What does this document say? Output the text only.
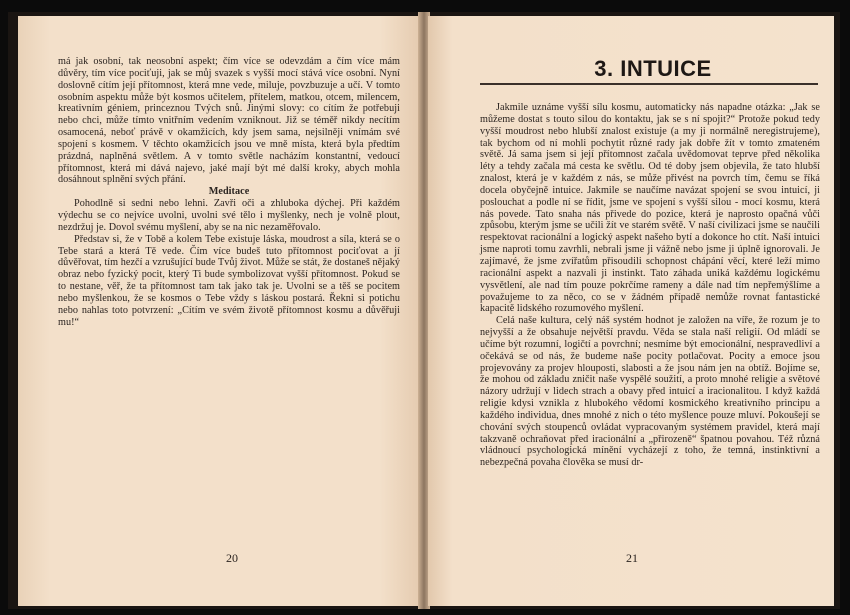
má jak osobní, tak neosobní aspekt; čím více se odevzdám a čím více mám důvěry, tím více pociťuji, jak se můj svazek s vyšší mocí stává více osobní. Nyní doslovně cítím její přítomnost, která mne vede, miluje, povzbuzuje a učí. V tomto osobním aspektu může být kosmos učitelem, přítelem, matkou, otcem, milencem, kreativním géniem, princeznou Tvých snů. Jinými slovy: co cítím že potřebuji nebo chci, může tímto vnitřním vedením vzniknout. Již se téměř nikdy necítím osamocená, neboť právě v okamžicích, kdy jsem sama, nejsilněji vnímám své spojení s kosmem. V těchto okamžicích jsou ve mně místa, která byla předtím prázdná, naplněná světlem. A v tomto světle nacházím konstantní, vedoucí přítomnost, která mi dává najevo, jaké mají být mé další kroky, abych mohla dosáhnout splnění svých přání.

Meditace

Pohodlně si sedni nebo lehni. Zavři oči a zhluboka dýchej. Při každém výdechu se co nejvíce uvolni, uvolni své tělo i myšlenky, nech je volně plout, nezdržuj je. Dovol svému myšlení, aby se na nic nezaměřovalo.

Představ si, že v Tobě a kolem Tebe existuje láska, moudrost a síla, která se o Tebe stará a která Tě vede. Čím více budeš tuto přítomnost pociťovat a jí důvěřovat, tím hezčí a vzrušující bude Tvůj život. Může se stát, že dostaneš nějaký obraz nebo fyzický pocit, který Ti bude symbolizovat vyšší přítomnost. Pokud se to nestane, věř, že ta přítomnost tam tak jako tak je. Uvolni se a těš se pocitem nebo myšlenkou, že se kosmos o Tebe vždy s láskou postará. Řekni si potichu nebo nahlas toto potvrzení: „Cítím ve svém životě přítomnost kosmu a důvěřuji mu!“

20
3. INTUICE

Jakmile uznáme vyšší sílu kosmu, automaticky nás napadne otázka: „Jak se můžeme dostat s touto silou do kontaktu, jak se s ní spojit?“ Protože pokud tedy vyšší moudrost nebo hlubší znalost existuje (a my ji normálně neregistrujeme), tak bychom od ní mohli pochytit různé rady jak dobře žít v tomto zmateném světě. Já sama jsem si její přítomnost začala uvědomovat teprve před několika léty a tehdy začala má cesta ke světlu. Od té doby jsem objevila, že tato hlubší znalost, která je v každém z nás, se může přivést na povrch tím, čemu se říká docela obyčejně intuice. Jakmile se naučíme navázat spojení se svou intuicí, ji poslouchat a podle ní se řídit, jsme ve spojení s vyšší silou - mocí kosmu, která nás povede. Tato snaha nás přivede do pozice, která je naprosto opačná vůči způsobu, kterým jsme se učili žít ve starém světě. V naší civilizaci jsme se naučili respektovat racionální a logický aspekt našeho bytí a dokonce ho ctít. Naší intuici jsme naproti tomu zavrhli, nebrali jsme ji vážně nebo jsme ji úplně ignorovali. Je zajímavé, že jsme zvířatům přisoudili schopnost chápání věcí, které leží mimo racionální aspekt a nazvali ji instinkt. Tato záhada uniká každému logickému vysvětlení, ale nad tím pouze pokrčíme rameny a dále nad tím nepřemýšlíme a považujeme to za něco, co se v žádném případě nemůže rovnat fantastické kapacitě lidského rozumového myšlení.

Celá naše kultura, celý náš systém hodnot je založen na víře, že rozum je to nejvyšší a že obsahuje největší pravdu. Věda se stala naší religií. Od mládí se učíme být rozumní, logičtí a povrchní; nesmíme být emocionální, nespravedliví a očekává se od nás, že budeme naše pocity potlačovat. Pocity a emoce jsou projevovány za projev hlouposti, slabosti a že jsou nám jen na obtíž. Bojíme se, že mohou od základu zničit naše vyspělé soužití, a proto mnohé religie a světové názory udržují v lidech strach a obavy před intuicí a iracionalitou. I když každá religie kdysi vznikla z hlubokého vědomí kosmického kreativního principu a každého individua, dnes mnohé z nich o této myšlence pouze mluví. Pokoušejí se chování svých stoupenců ovládat vypracovaným systémem pravidel, která mají takzvaně ochraňovat před iracionální a „přirozeně“ špatnou povahou. Též různá vládnoucí psychologická mínění vycházejí z toho, že temná, instinktivní a nebezpečná povaha člověka se musí dr-

21
